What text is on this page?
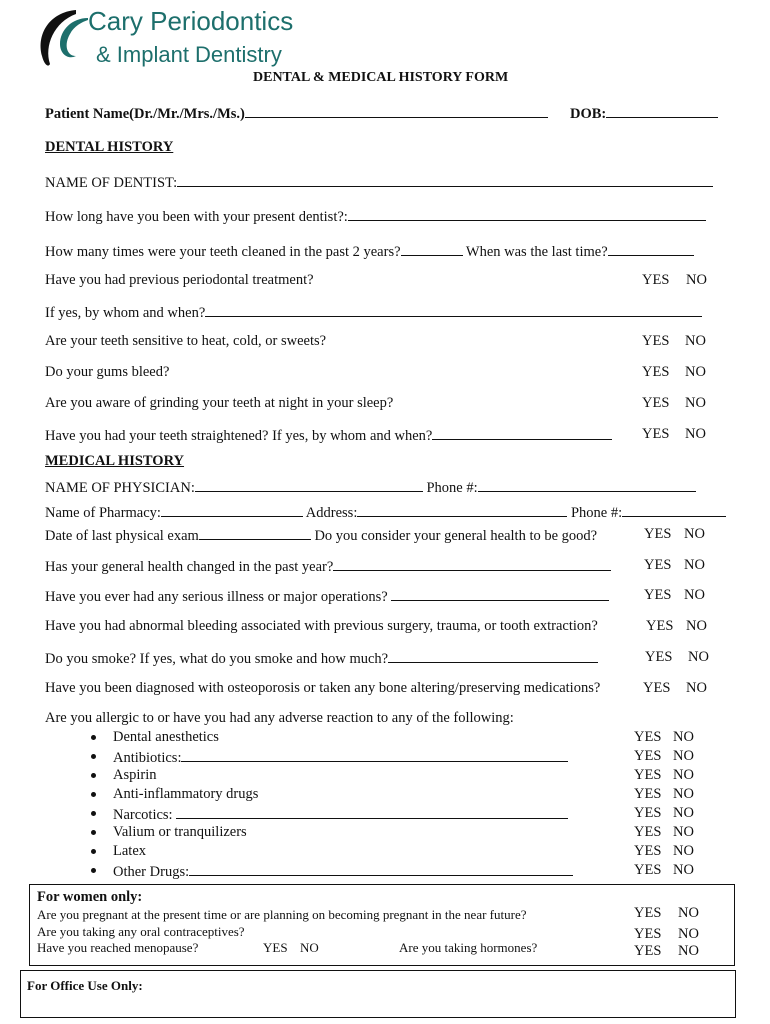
Cary Periodontics
& Implant Dentistry
DENTAL & MEDICAL HISTORY FORM
Patient Name(Dr./Mr./Mrs./Ms.)	DOB:
DENTAL HISTORY
NAME OF DENTIST:
How long have you been with your present dentist?:
How many times were your teeth cleaned in the past 2 years?	When was the last time?
Have you had previous periodontal treatment?	YES NO
If yes, by whom and when?
Are your teeth sensitive to heat, cold, or sweets?	YES NO
Do your gums bleed?	YES NO
Are you aware of grinding your teeth at night in your sleep?	YES NO
Have you had your teeth straightened? If yes, by whom and when?	YES NO
MEDICAL HISTORY
NAME OF PHYSICIAN:	Phone #:
Name of Pharmacy:	Address:	Phone #:
Date of last physical exam	Do you consider your general health to be good?	YES NO
Has your general health changed in the past year?	YES NO
Have you ever had any serious illness or major operations?	YES NO
Have you had abnormal bleeding associated with previous surgery, trauma, or tooth extraction?	YES NO
Do you smoke? If yes, what do you smoke and how much?	YES NO
Have you been diagnosed with osteoporosis or taken any bone altering/preserving medications?	YES NO
Are you allergic to or have you had any adverse reaction to any of the following:
Dental anesthetics	YES NO
Antibiotics:	YES NO
Aspirin	YES NO
Anti-inflammatory drugs	YES NO
Narcotics:	YES NO
Valium or tranquilizers	YES NO
Latex	YES NO
Other Drugs:	YES NO
For women only:
Are you pregnant at the present time or are planning on becoming pregnant in the near future?	YES NO
Are you taking any oral contraceptives?	YES NO
Have you reached menopause?	YES NO	Are you taking hormones?	YES NO
For Office Use Only:
